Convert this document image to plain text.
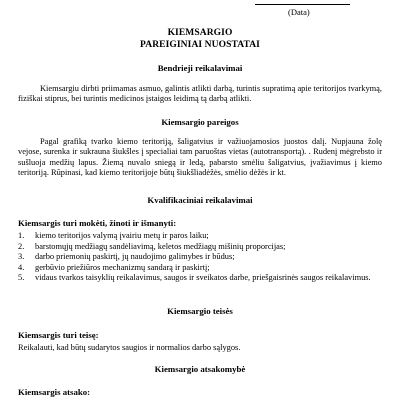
(Data)
KIEMSARGIO
PAREIGINIAI NUOSTATAI
Bendrieji reikalavimai

Kiemsargiu dirbti priimamas asmuo, galintis atlikti darbą, turintis supratimą apie teritorijos tvarkymą, fiziškai stiprus, bei turintis medicinos įstaigos leidimą tą darbą atlikti.

Kiemsargio pareigos

Pagal grafiką tvarko kiemo teritoriją, šaligatvius ir važiuojamosios juostos dalį. Nupjauna žolę vejose, surenka ir sukrauna šiukšles į specialiai tam paruoštas vietas (autotransportą). . Rudenį mėgrebsto ir sušluoja medžių lapus. Žiemą nuvalo sniegą ir ledą, pabarsto smėliu šaligatvius, įvažiavimus į kiemo teritoriją. Rūpinasi, kad kiemo teritorijoje būtų šiukšliadėžės, smėlio dėžės ir kt.

Kvalifikaciniai reikalavimai
Kiemsargis turi mokėti, žinoti ir išmanyti:
1. kiemo teritorijos valymą įvairiu metų ir paros laiku;
2. barstomųjų medžiagų sandėliavimą, keletos medžiagų mišinių proporcijas;
3. darbo priemonių paskirtį, jų naudojimo galimybes ir būdus;
4. gerbūvio priežiūros mechanizmų sandarą ir paskirtį;
5. vidaus tvarkos taisyklių reikalavimus, saugos ir sveikatos darbe, priešgaisrinės saugos reikalavimus.
Kiemsargio teisės
Kiemsargis turi teisę:

Reikalauti, kad būtų sudarytos saugios ir normalios darbo sąlygos.

Kiemsargio atsakomybė
Kiemsargis atsako:
